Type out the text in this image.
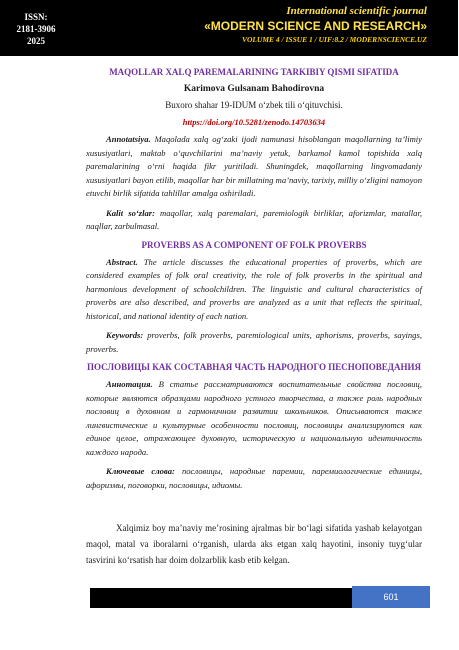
ISSN:
2181-3906
2025
International scientific journal
«MODERN SCIENCE AND RESEARCH»
VOLUME 4 / ISSUE 1 / UIF:8.2 / MODERNSCIENCE.UZ

MAQOLLAR XALQ PAREMALARINING TARKIBIY QISMI SIFATIDA

Karimova Gulsanam Bahodirovna

Buxoro shahar 19-IDUM o‘zbek tili o‘qituvchisi.

https://doi.org/10.5281/zenodo.14703634

Annotatsiya. Maqolada xalq og‘zaki ijodi namunasi hisoblangan maqollarning ta’limiy xususiyatlari, maktab o‘quvchilarini ma’naviy yetuk, barkamol kamol topishida xalq paremalarining o‘rni haqida fikr yuritiladi. Shuningdek, maqollarning lingvomadaniy xususiyatlari bayon etilib, maqollar har bir millatning ma’naviy, tarixiy, milliy o‘zligini namoyon etuvchi birlik sifatida tahlillar amalga oshiriladi.

Kalit so‘zlar: maqollar, xalq paremalari, paremiologik birliklar, aforizmlar, matallar, naqllar, zarbulmasal.

PROVERBS AS A COMPONENT OF FOLK PROVERBS

Abstract. The article discusses the educational properties of proverbs, which are considered examples of folk oral creativity, the role of folk proverbs in the spiritual and harmonious development of schoolchildren. The linguistic and cultural characteristics of proverbs are also described, and proverbs are analyzed as a unit that reflects the spiritual, historical, and national identity of each nation.

Keywords: proverbs, folk proverbs, paremiological units, aphorisms, proverbs, sayings, proverbs.

ПОСЛОВИЦЫ КАК СОСТАВНАЯ ЧАСТЬ НАРОДНОГО ПЕСНОПОВЕДАНИЯ

Аннотация. В статье рассматриваются воспитательные свойства пословиц, которые являются образцами народного устного творчества, а также роль народных пословиц в духовном и гармоничном развитии школьников. Описываются также лингвистические и культурные особенности пословиц, пословицы анализируются как единое целое, отражающее духовную, историческую и национальную идентичность каждого народа.

Ключевые слова: пословицы, народные паремии, паремиологические единицы, афоризмы, поговорки, пословицы, идиомы.

Xalqimiz boy ma’naviy me’rosining ajralmas bir bo‘lagi sifatida yashab kelayotgan maqol, matal va iboralarni o‘rganish, ularda aks etgan xalq hayotini, insoniy tuyg‘ular tasvirini ko‘rsatish har doim dolzarblik kasb etib kelgan.

601
